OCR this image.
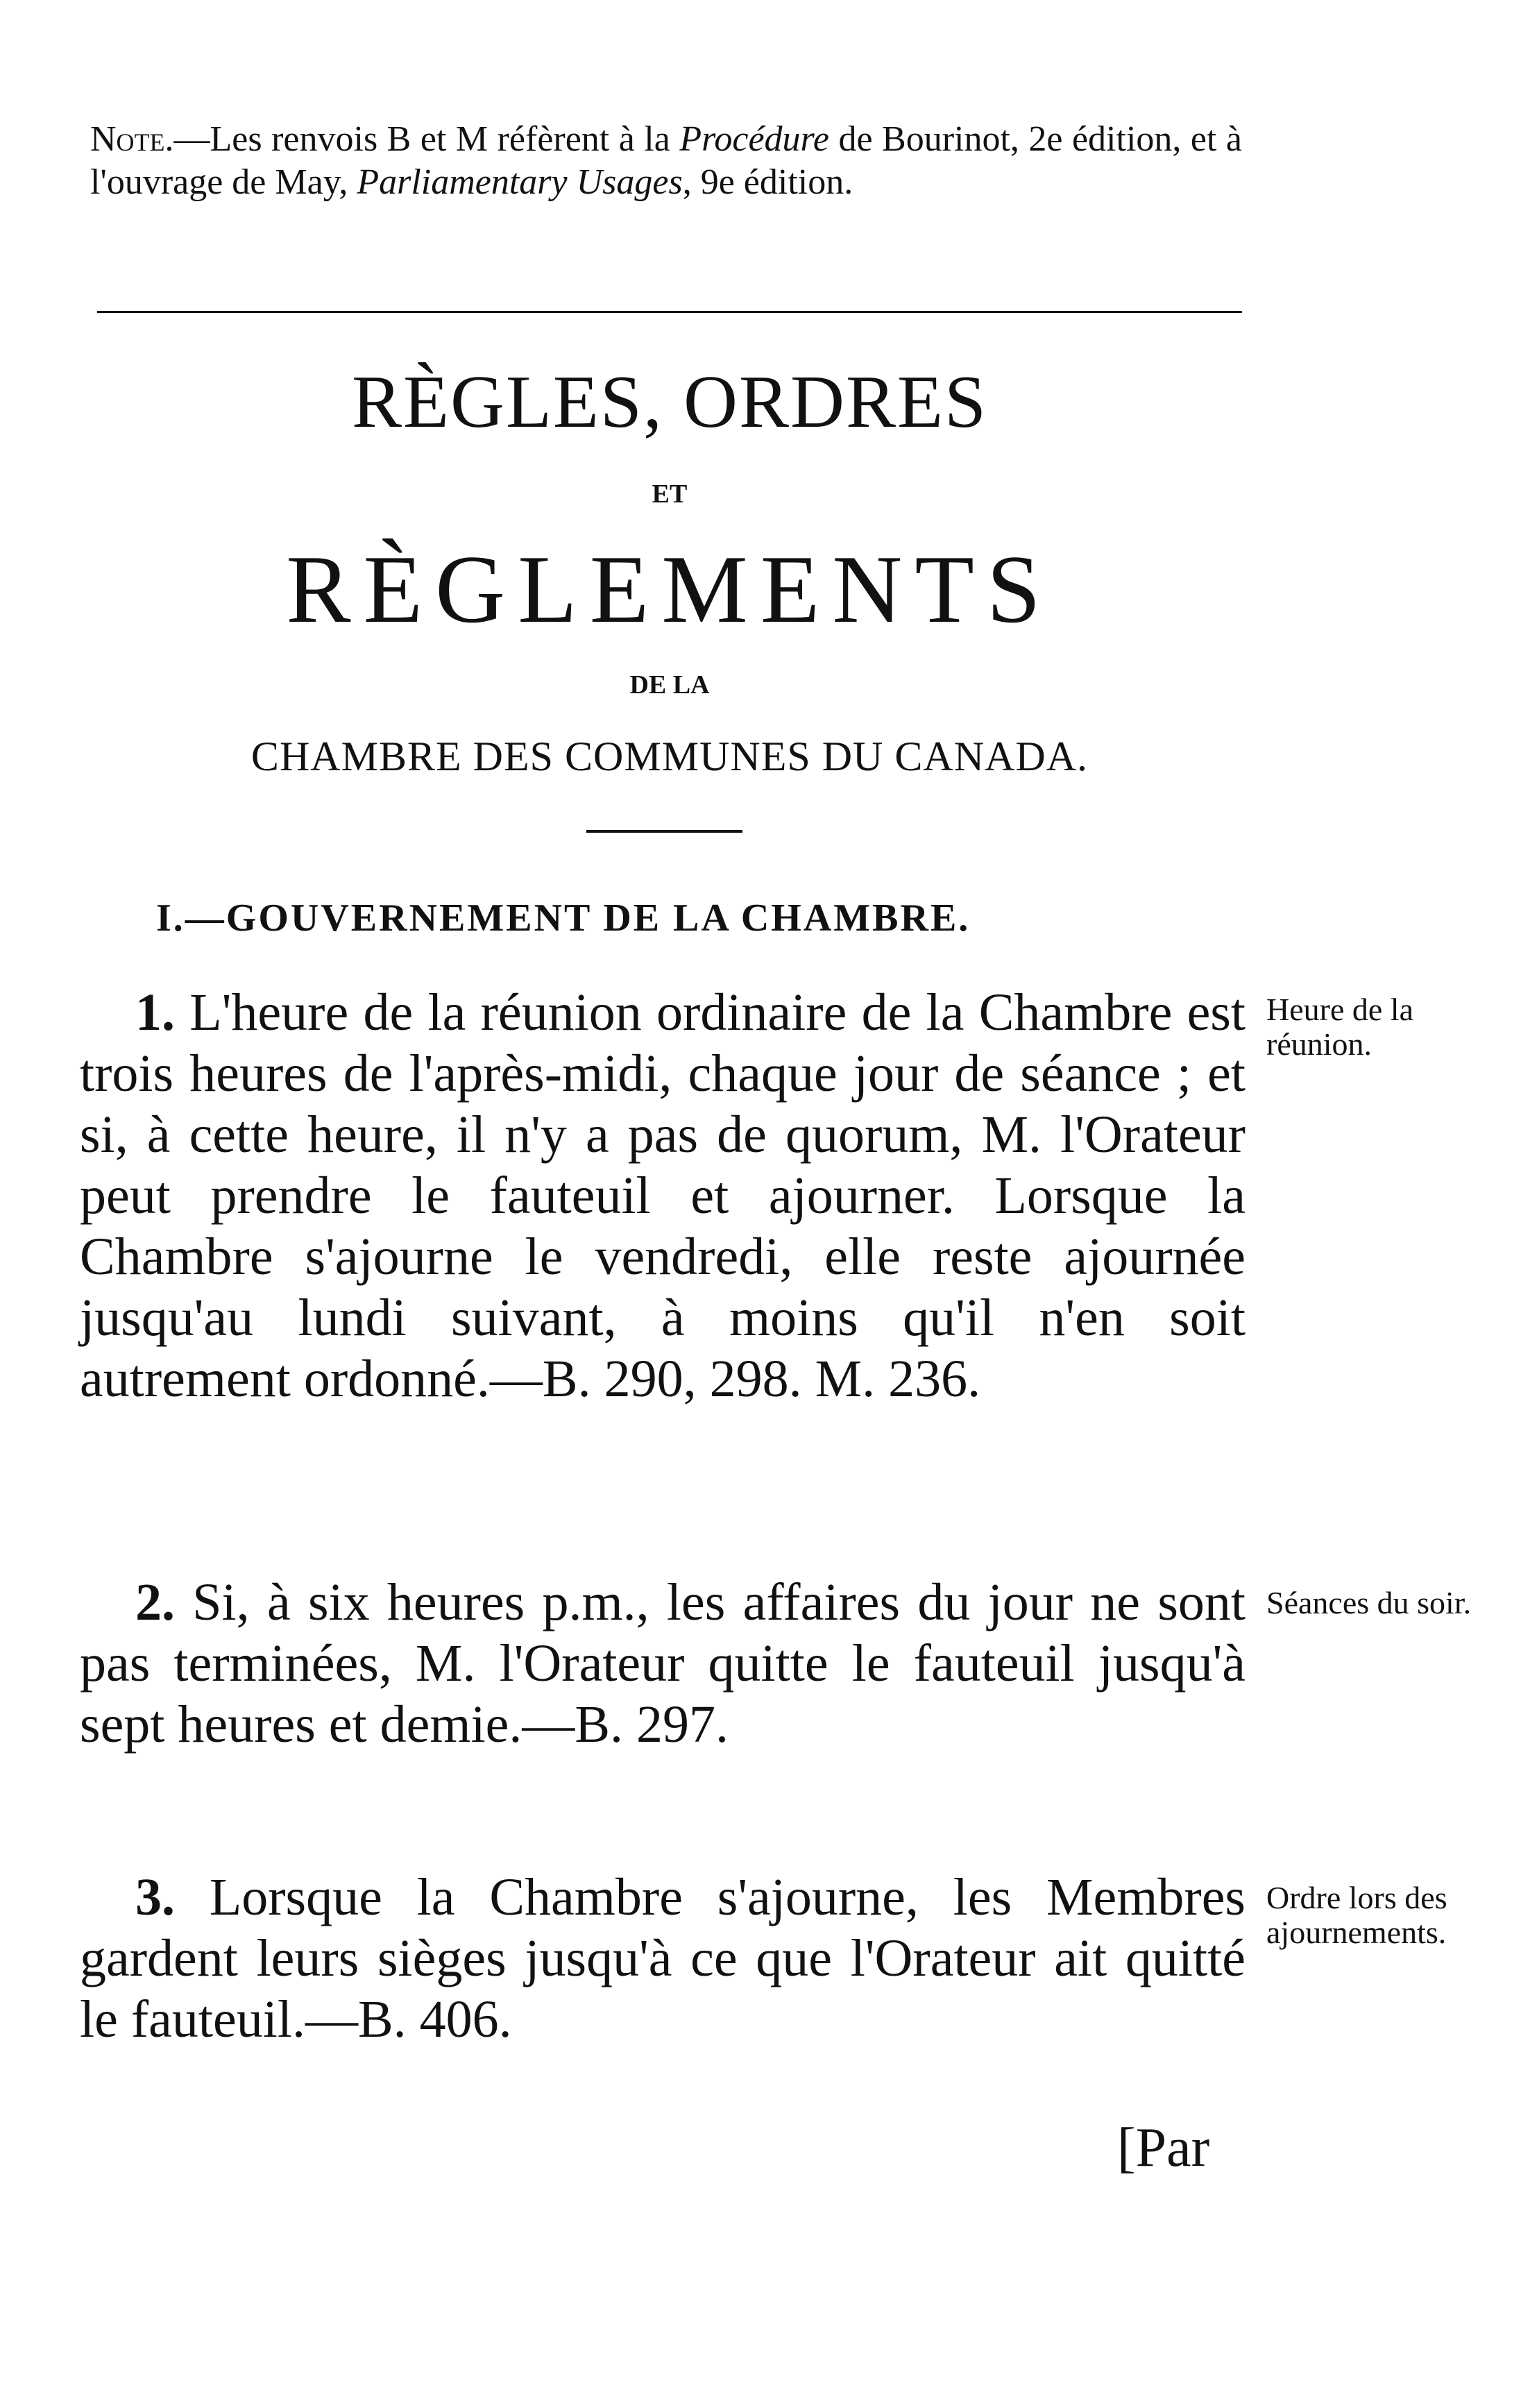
Note.—Les renvois B et M réfèrent à la Procédure de Bourinot, 2e édition, et à l'ouvrage de May, Parliamentary Usages, 9e édition.
RÈGLES, ORDRES
ET
RÈGLEMENTS
DE LA
CHAMBRE DES COMMUNES DU CANADA.
I.—GOUVERNEMENT DE LA CHAMBRE.
1. L'heure de la réunion ordinaire de la Chambre est trois heures de l'après-midi, chaque jour de séance ; et si, à cette heure, il n'y a pas de quorum, M. l'Orateur peut prendre le fauteuil et ajourner. Lorsque la Chambre s'ajourne le vendredi, elle reste ajournée jusqu'au lundi suivant, à moins qu'il n'en soit autrement ordonné.—B. 290, 298. M. 236.
Heure de la réunion.
2. Si, à six heures p.m., les affaires du jour ne sont pas terminées, M. l'Orateur quitte le fauteuil jusqu'à sept heures et demie.—B. 297.
Séances du soir.
3. Lorsque la Chambre s'ajourne, les Membres gardent leurs sièges jusqu'à ce que l'Orateur ait quitté le fauteuil.—B. 406.
Ordre lors des ajournements.
[Par
